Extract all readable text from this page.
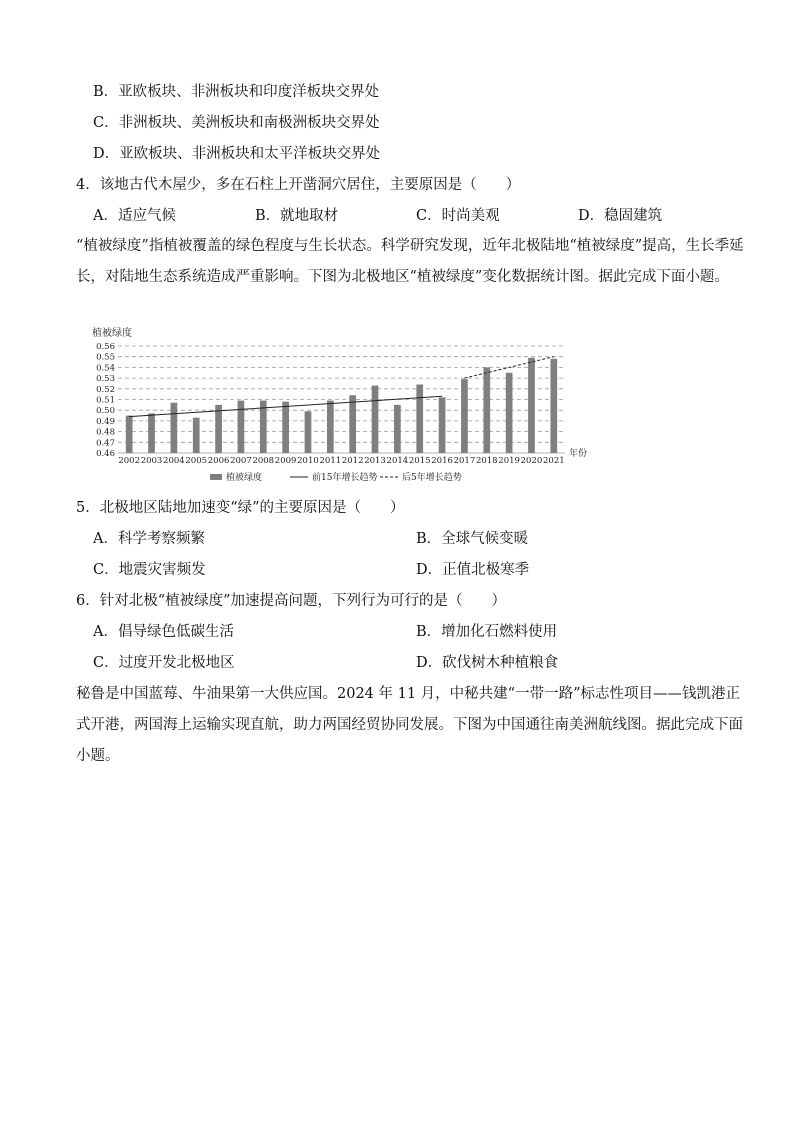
B．亚欧板块、非洲板块和印度洋板块交界处
C．非洲板块、美洲板块和南极洲板块交界处
D．亚欧板块、非洲板块和太平洋板块交界处
4．该地古代木屋少，多在石柱上开凿洞穴居住，主要原因是（　　）
A．适应气候	B．就地取材	C．时尚美观	D．稳固建筑
“植被绿度”指植被覆盖的绿色程度与生长状态。科学研究发现，近年北极陆地“植被绿度”提高，生长季延长，对陆地生态系统造成严重影响。下图为北极地区“植被绿度”变化数据统计图。据此完成下面小题。
植被绿度
0.46
0.47
0.48
0.49
0.50
0.51
0.52
0.53
0.54
0.55
0.56
2002 2003 2004 2005 2006 2007 2008 2009 2010 2011 2012 2013 2014 2015 2016 2017 2018 2019 2020 2021
年份
植被绿度	前15年增长趋势	后5年增长趋势
5．北极地区陆地加速变“绿”的主要原因是（　　）
A．科学考察频繁	B．全球气候变暖
C．地震灾害频发	D．正值北极寒季
6．针对北极“植被绿度”加速提高问题，下列行为可行的是（　　）
A．倡导绿色低碳生活	B．增加化石燃料使用
C．过度开发北极地区	D．砍伐树木种植粮食
秘鲁是中国蓝莓、牛油果第一大供应国。2024 年 11 月，中秘共建“一带一路”标志性项目——钱凯港正式开港，两国海上运输实现直航，助力两国经贸协同发展。下图为中国通往南美洲航线图。据此完成下面小题。
